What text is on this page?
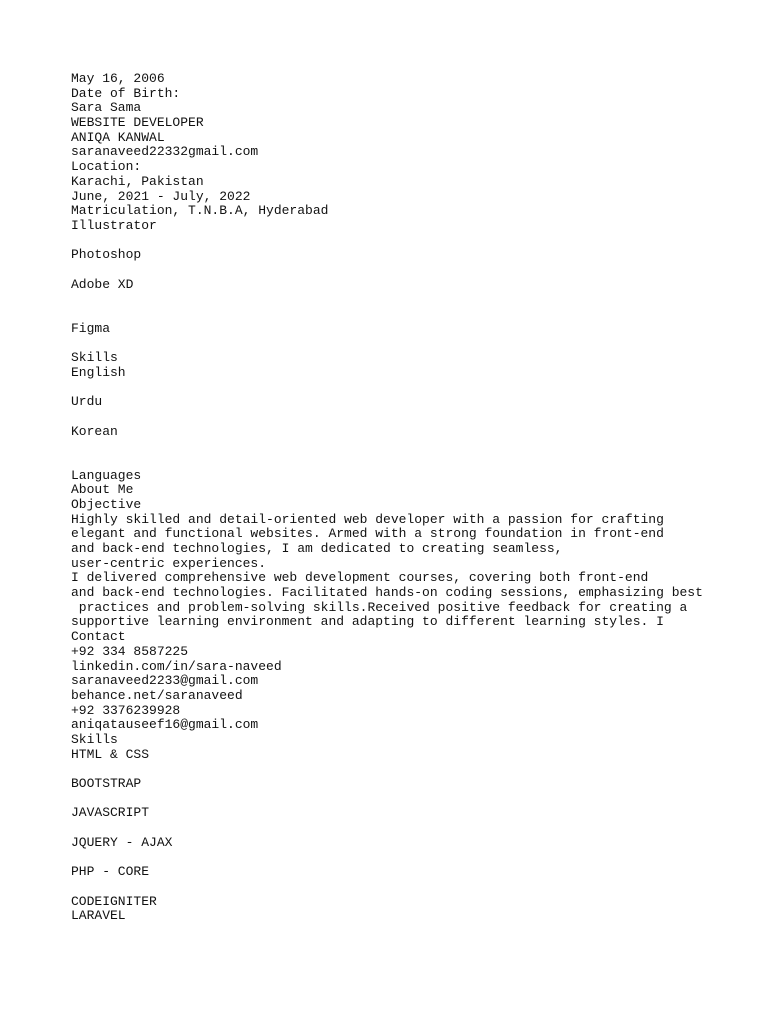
May 16, 2006
Date of Birth:
Sara Sama
WEBSITE DEVELOPER
ANIQA KANWAL
saranaveed22332gmail.com
Location:
Karachi, Pakistan
June, 2021 - July, 2022
Matriculation, T.N.B.A, Hyderabad
Illustrator
Photoshop
Adobe XD
Figma
Skills
English
Urdu
Korean
Languages
About Me
Objective
Highly skilled and detail-oriented web developer with a passion for crafting
elegant and functional websites. Armed with a strong foundation in front-end
and back-end technologies, I am dedicated to creating seamless,
user-centric experiences.
I delivered comprehensive web development courses, covering both front-end
and back-end technologies. Facilitated hands-on coding sessions, emphasizing best
practices and problem-solving skills.Received positive feedback for creating a
supportive learning environment and adapting to different learning styles. I
Contact
+92 334 8587225
linkedin.com/in/sara-naveed
saranaveed2233@gmail.com
behance.net/saranaveed
+92 3376239928
aniqatauseef16@gmail.com
Skills
HTML & CSS
BOOTSTRAP
JAVASCRIPT
JQUERY - AJAX
PHP - CORE
CODEIGNITER
LARAVEL
